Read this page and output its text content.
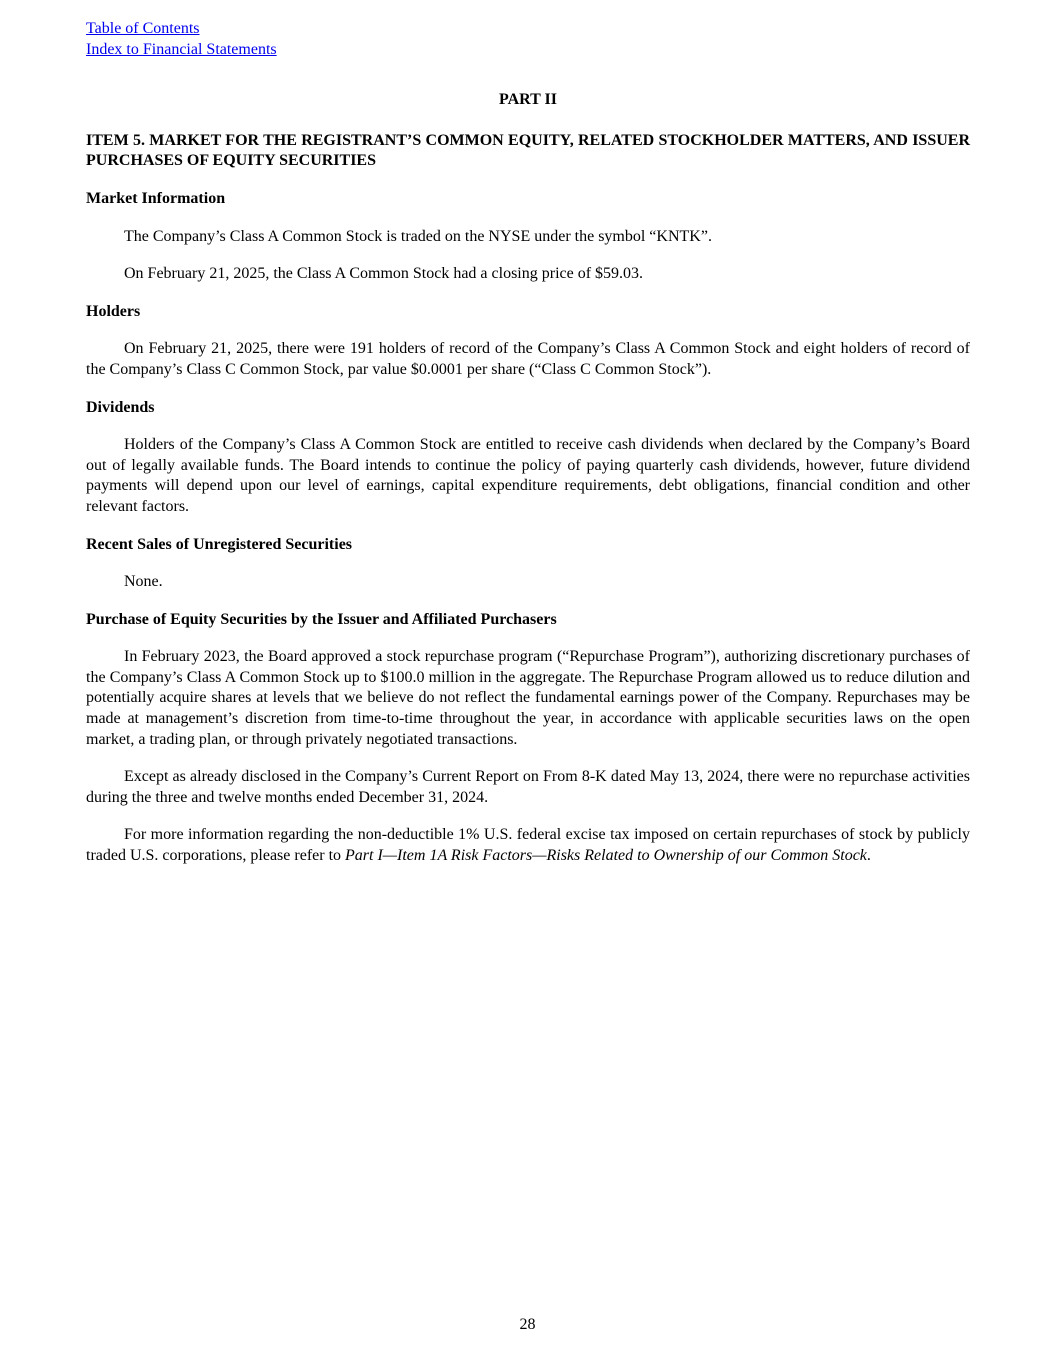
Table of Contents
Index to Financial Statements
PART II
ITEM 5. MARKET FOR THE REGISTRANT’S COMMON EQUITY, RELATED STOCKHOLDER MATTERS, AND ISSUER PURCHASES OF EQUITY SECURITIES
Market Information

The Company’s Class A Common Stock is traded on the NYSE under the symbol “KNTK”.

On February 21, 2025, the Class A Common Stock had a closing price of $59.03.

Holders

On February 21, 2025, there were 191 holders of record of the Company’s Class A Common Stock and eight holders of record of the Company’s Class C Common Stock, par value $0.0001 per share (“Class C Common Stock”).

Dividends

Holders of the Company’s Class A Common Stock are entitled to receive cash dividends when declared by the Company’s Board out of legally available funds. The Board intends to continue the policy of paying quarterly cash dividends, however, future dividend payments will depend upon our level of earnings, capital expenditure requirements, debt obligations, financial condition and other relevant factors.

Recent Sales of Unregistered Securities

None.

Purchase of Equity Securities by the Issuer and Affiliated Purchasers

In February 2023, the Board approved a stock repurchase program (“Repurchase Program”), authorizing discretionary purchases of the Company’s Class A Common Stock up to $100.0 million in the aggregate. The Repurchase Program allowed us to reduce dilution and potentially acquire shares at levels that we believe do not reflect the fundamental earnings power of the Company. Repurchases may be made at management’s discretion from time-to-time throughout the year, in accordance with applicable securities laws on the open market, a trading plan, or through privately negotiated transactions.

Except as already disclosed in the Company’s Current Report on From 8-K dated May 13, 2024, there were no repurchase activities during the three and twelve months ended December 31, 2024.

For more information regarding the non-deductible 1% U.S. federal excise tax imposed on certain repurchases of stock by publicly traded U.S. corporations, please refer to Part I—Item 1A Risk Factors—Risks Related to Ownership of our Common Stock.

28
